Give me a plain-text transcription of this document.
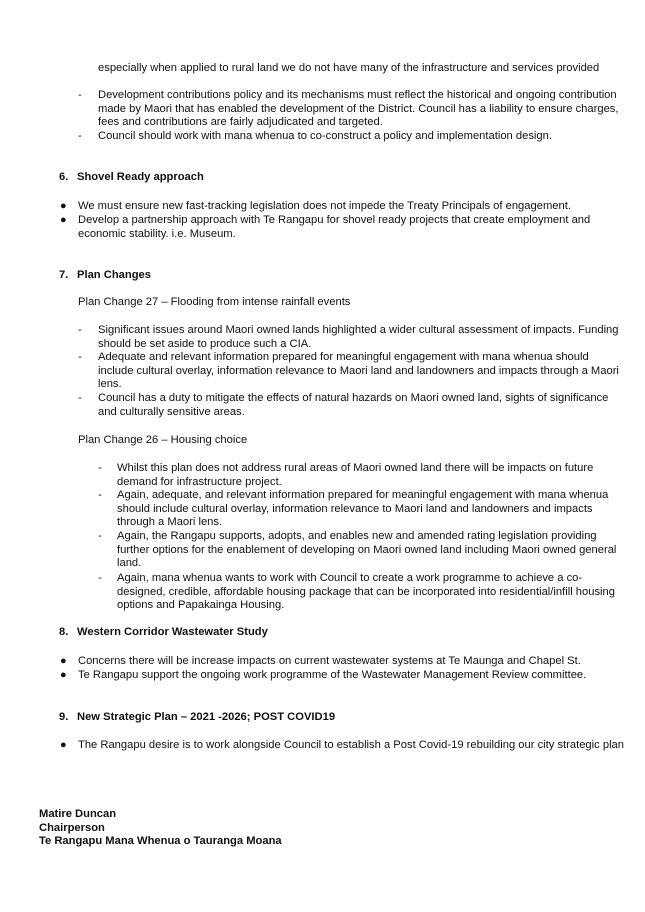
especially when applied to rural land we do not have many of the infrastructure and services provided
- Development contributions policy and its mechanisms must reflect the historical and ongoing contribution made by Maori that has enabled the development of the District. Council has a liability to ensure charges, fees and contributions are fairly adjudicated and targeted.
- Council should work with mana whenua to co-construct a policy and implementation design.
6. Shovel Ready approach
● We must ensure new fast-tracking legislation does not impede the Treaty Principals of engagement.
● Develop a partnership approach with Te Rangapu for shovel ready projects that create employment and economic stability. i.e. Museum.
7. Plan Changes
Plan Change 27 – Flooding from intense rainfall events
- Significant issues around Maori owned lands highlighted a wider cultural assessment of impacts. Funding should be set aside to produce such a CIA.
- Adequate and relevant information prepared for meaningful engagement with mana whenua should include cultural overlay, information relevance to Maori land and landowners and impacts through a Maori lens.
- Council has a duty to mitigate the effects of natural hazards on Maori owned land, sights of significance and culturally sensitive areas.
Plan Change 26 – Housing choice
- Whilst this plan does not address rural areas of Maori owned land there will be impacts on future demand for infrastructure project.
- Again, adequate, and relevant information prepared for meaningful engagement with mana whenua should include cultural overlay, information relevance to Maori land and landowners and impacts through a Maori lens.
- Again, the Rangapu supports, adopts, and enables new and amended rating legislation providing further options for the enablement of developing on Maori owned land including Maori owned general land.
- Again, mana whenua wants to work with Council to create a work programme to achieve a co-designed, credible, affordable housing package that can be incorporated into residential/infill housing options and Papakainga Housing.
8. Western Corridor Wastewater Study
● Concerns there will be increase impacts on current wastewater systems at Te Maunga and Chapel St.
● Te Rangapu support the ongoing work programme of the Wastewater Management Review committee.
9. New Strategic Plan – 2021 -2026; POST COVID19
● The Rangapu desire is to work alongside Council to establish a Post Covid-19 rebuilding our city strategic plan
Matire Duncan
Chairperson
Te Rangapu Mana Whenua o Tauranga Moana
